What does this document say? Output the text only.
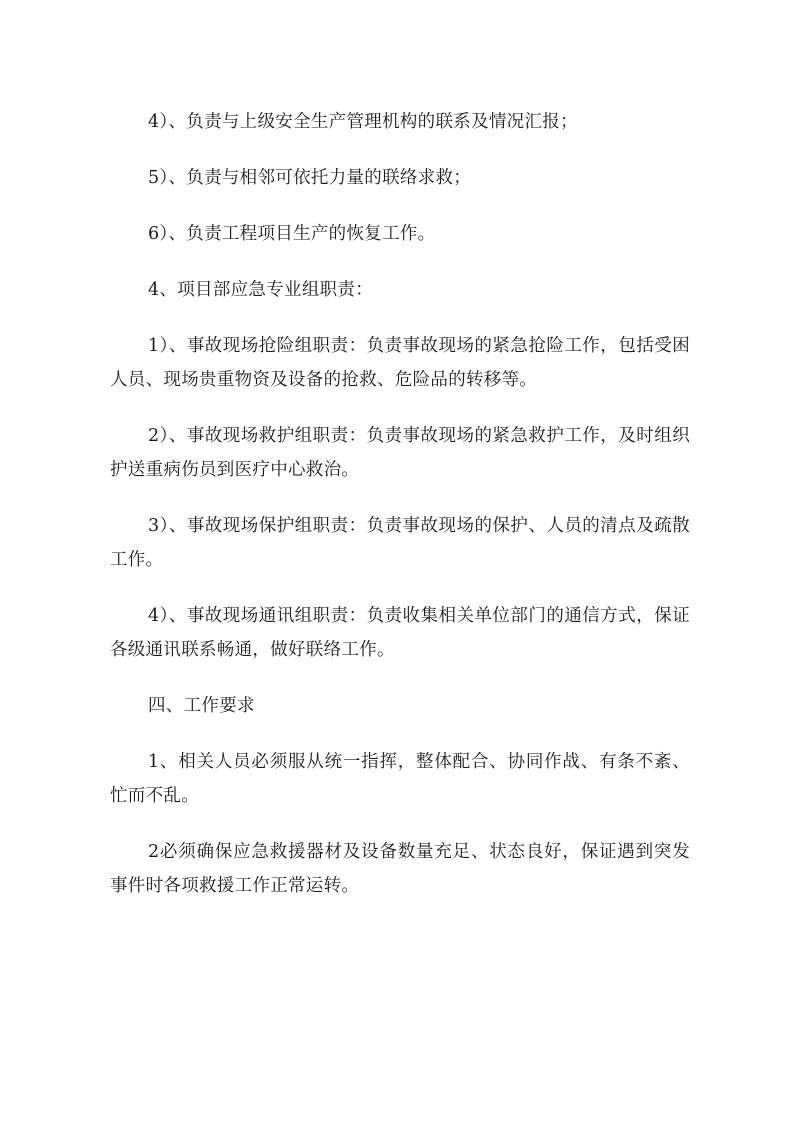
4）、负责与上级安全生产管理机构的联系及情况汇报；

5）、负责与相邻可依托力量的联络求救；

6）、负责工程项目生产的恢复工作。

4、项目部应急专业组职责：

1）、事故现场抢险组职责：负责事故现场的紧急抢险工作，包括受困人员、现场贵重物资及设备的抢救、危险品的转移等。

2）、事故现场救护组职责：负责事故现场的紧急救护工作，及时组织护送重病伤员到医疗中心救治。

3）、事故现场保护组职责：负责事故现场的保护、人员的清点及疏散工作。

4）、事故现场通讯组职责：负责收集相关单位部门的通信方式，保证各级通讯联系畅通，做好联络工作。

四、工作要求

1、相关人员必须服从统一指挥，整体配合、协同作战、有条不紊、忙而不乱。

2必须确保应急救援器材及设备数量充足、状态良好，保证遇到突发事件时各项救援工作正常运转。
